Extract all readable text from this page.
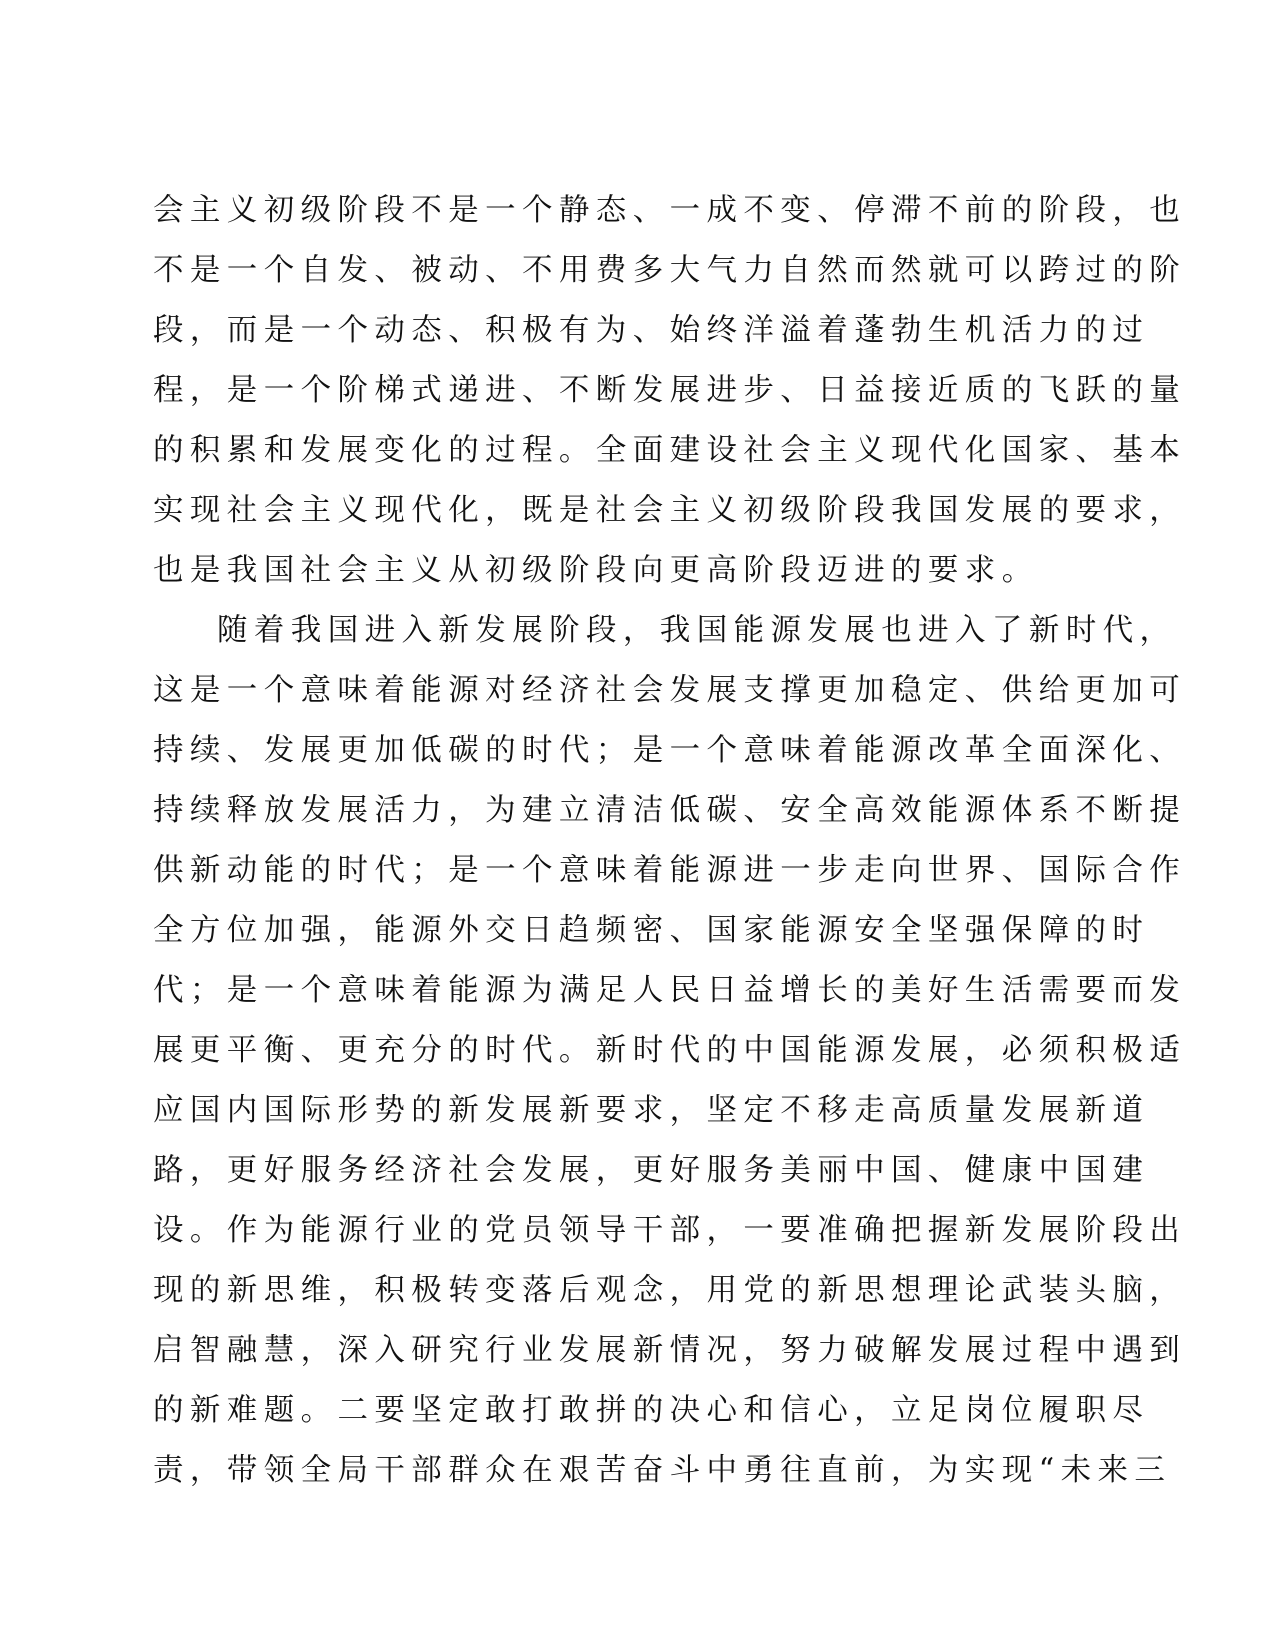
会主义初级阶段不是一个静态、一成不变、停滞不前的阶段，也
不是一个自发、被动、不用费多大气力自然而然就可以跨过的阶
段，而是一个动态、积极有为、始终洋溢着蓬勃生机活力的过
程，是一个阶梯式递进、不断发展进步、日益接近质的飞跃的量
的积累和发展变化的过程。全面建设社会主义现代化国家、基本
实现社会主义现代化，既是社会主义初级阶段我国发展的要求，
也是我国社会主义从初级阶段向更高阶段迈进的要求。
随着我国进入新发展阶段，我国能源发展也进入了新时代，
这是一个意味着能源对经济社会发展支撑更加稳定、供给更加可
持续、发展更加低碳的时代；是一个意味着能源改革全面深化、
持续释放发展活力，为建立清洁低碳、安全高效能源体系不断提
供新动能的时代；是一个意味着能源进一步走向世界、国际合作
全方位加强，能源外交日趋频密、国家能源安全坚强保障的时
代；是一个意味着能源为满足人民日益增长的美好生活需要而发
展更平衡、更充分的时代。新时代的中国能源发展，必须积极适
应国内国际形势的新发展新要求，坚定不移走高质量发展新道
路，更好服务经济社会发展，更好服务美丽中国、健康中国建
设。作为能源行业的党员领导干部，一要准确把握新发展阶段出
现的新思维，积极转变落后观念，用党的新思想理论武装头脑，
启智融慧，深入研究行业发展新情况，努力破解发展过程中遇到
的新难题。二要坚定敢打敢拼的决心和信心，立足岗位履职尽
责，带领全局干部群众在艰苦奋斗中勇往直前，为实现“未来三
